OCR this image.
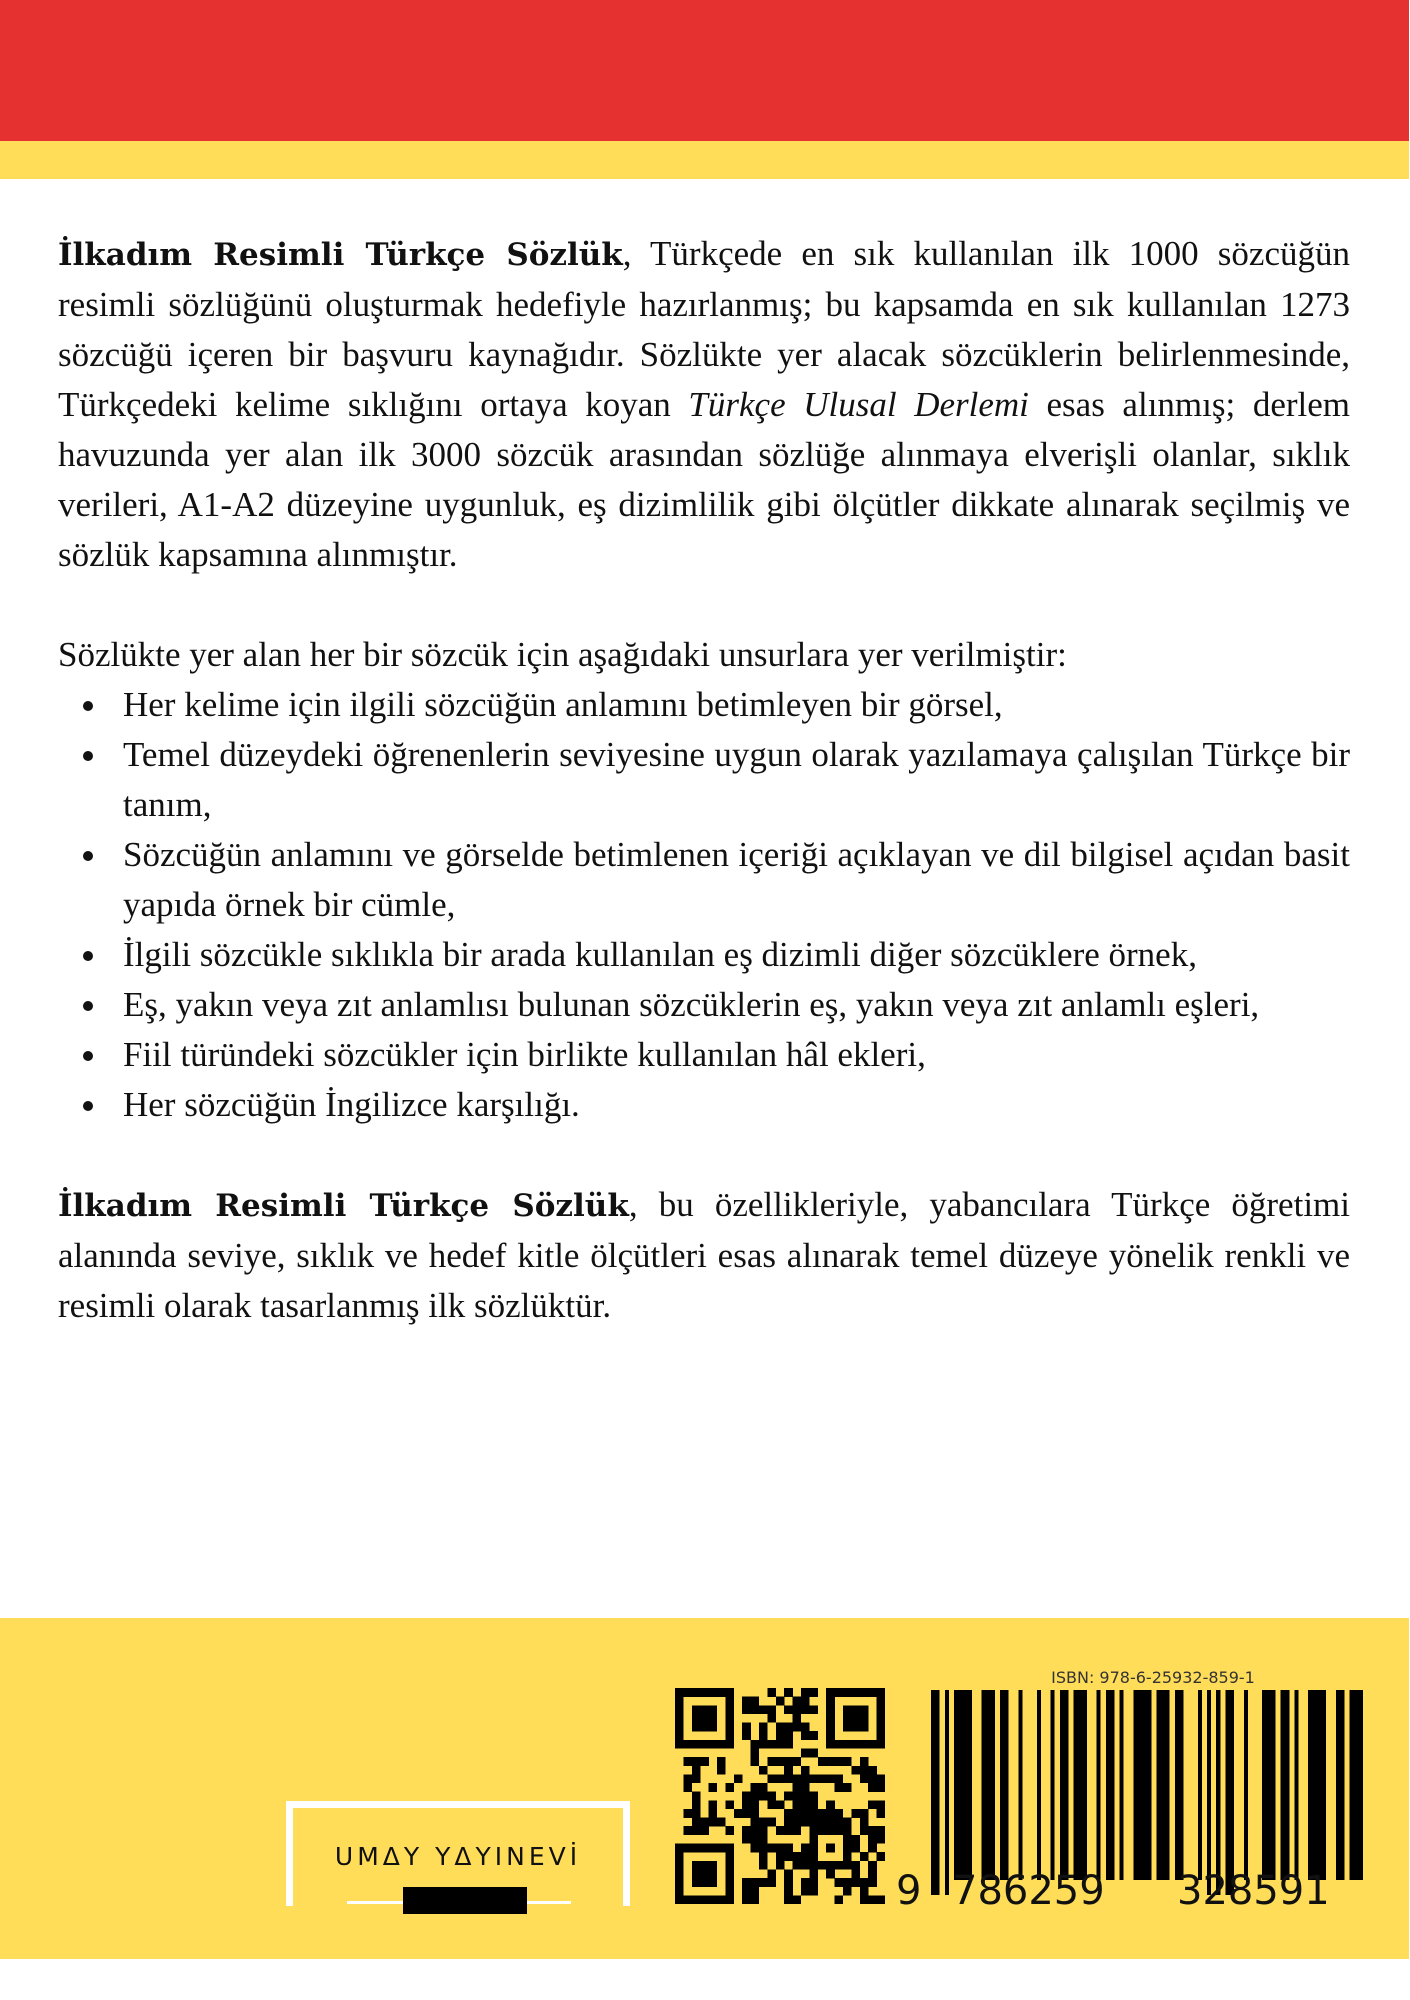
İlkadım Resimli Türkçe Sözlük, Türkçede en sık kullanılan ilk 1000 sözcüğün resimli sözlüğünü oluşturmak hedefiyle hazırlanmış; bu kapsamda en sık kullanılan 1273 sözcüğü içeren bir başvuru kaynağıdır. Sözlükte yer alacak sözcüklerin belirlenmesinde, Türkçedeki kelime sıklığını ortaya koyan Türkçe Ulusal Derlemi esas alınmış; derlem havuzunda yer alan ilk 3000 sözcük arasından sözlüğe alınmaya elverişli olanlar, sıklık verileri, A1-A2 düzeyine uygunluk, eş dizimlilik gibi ölçütler dikkate alınarak seçilmiş ve sözlük kapsamına alınmıştır.

Sözlükte yer alan her bir sözcük için aşağıdaki unsurlara yer verilmiştir:

Her kelime için ilgili sözcüğün anlamını betimleyen bir görsel,
Temel düzeydeki öğrenenlerin seviyesine uygun olarak yazılamaya çalışılan Türkçe bir tanım,
Sözcüğün anlamını ve görselde betimlenen içeriği açıklayan ve dil bilgisel açıdan basit yapıda örnek bir cümle,
İlgili sözcükle sıklıkla bir arada kullanılan eş dizimli diğer sözcüklere örnek,
Eş, yakın veya zıt anlamlısı bulunan sözcüklerin eş, yakın veya zıt anlamlı eşleri,
Fiil türündeki sözcükler için birlikte kullanılan hâl ekleri,
Her sözcüğün İngilizce karşılığı.

İlkadım Resimli Türkçe Sözlük, bu özellikleriyle, yabancılara Türkçe öğretimi alanında seviye, sıklık ve hedef kitle ölçütleri esas alınarak temel düzeye yönelik renkli ve resimli olarak tasarlanmış ilk sözlüktür.

UMΔY YΔYINEVİ
ISBN: 978-6-25932-859-1
9 786259 328591
